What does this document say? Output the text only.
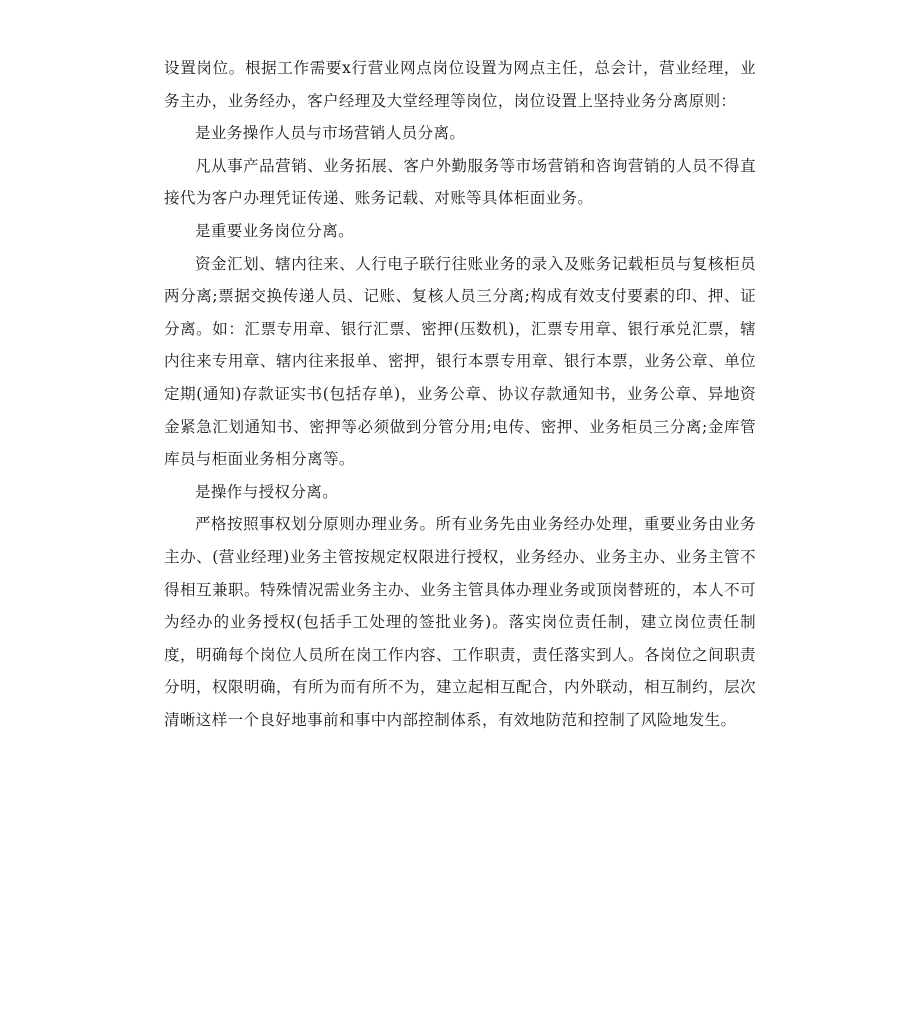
设置岗位。根据工作需要x行营业网点岗位设置为网点主任，总会计，营业经理，业务主办，业务经办，客户经理及大堂经理等岗位，岗位设置上坚持业务分离原则：

是业务操作人员与市场营销人员分离。

凡从事产品营销、业务拓展、客户外勤服务等市场营销和咨询营销的人员不得直接代为客户办理凭证传递、账务记载、对账等具体柜面业务。

是重要业务岗位分离。

资金汇划、辖内往来、人行电子联行往账业务的录入及账务记载柜员与复核柜员两分离;票据交换传递人员、记账、复核人员三分离;构成有效支付要素的印、押、证分离。如：汇票专用章、银行汇票、密押(压数机)，汇票专用章、银行承兑汇票，辖内往来专用章、辖内往来报单、密押，银行本票专用章、银行本票，业务公章、单位定期(通知)存款证实书(包括存单)，业务公章、协议存款通知书，业务公章、异地资金紧急汇划通知书、密押等必须做到分管分用;电传、密押、业务柜员三分离;金库管库员与柜面业务相分离等。

是操作与授权分离。

严格按照事权划分原则办理业务。所有业务先由业务经办处理，重要业务由业务主办、(营业经理)业务主管按规定权限进行授权，业务经办、业务主办、业务主管不得相互兼职。特殊情况需业务主办、业务主管具体办理业务或顶岗替班的，本人不可为经办的业务授权(包括手工处理的签批业务)。落实岗位责任制，建立岗位责任制度，明确每个岗位人员所在岗工作内容、工作职责，责任落实到人。各岗位之间职责分明，权限明确，有所为而有所不为，建立起相互配合，内外联动，相互制约，层次清晰这样一个良好地事前和事中内部控制体系，有效地防范和控制了风险地发生。
